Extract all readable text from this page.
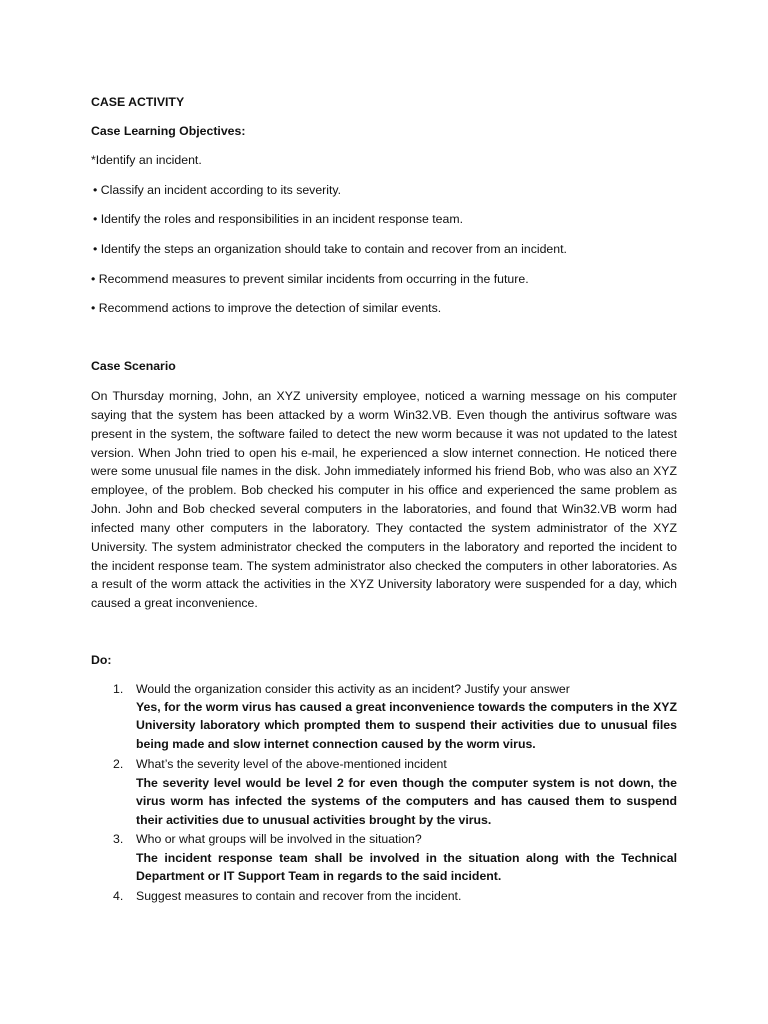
CASE ACTIVITY
Case Learning Objectives:
*Identify an incident.
• Classify an incident according to its severity.
• Identify the roles and responsibilities in an incident response team.
• Identify the steps an organization should take to contain and recover from an incident.
• Recommend measures to prevent similar incidents from occurring in the future.
• Recommend actions to improve the detection of similar events.
Case Scenario
On Thursday morning, John, an XYZ university employee, noticed a warning message on his computer saying that the system has been attacked by a worm Win32.VB. Even though the antivirus software was present in the system, the software failed to detect the new worm because it was not updated to the latest version. When John tried to open his e-mail, he experienced a slow internet connection. He noticed there were some unusual file names in the disk. John immediately informed his friend Bob, who was also an XYZ employee, of the problem. Bob checked his computer in his office and experienced the same problem as John. John and Bob checked several computers in the laboratories, and found that Win32.VB worm had infected many other computers in the laboratory. They contacted the system administrator of the XYZ University. The system administrator checked the computers in the laboratory and reported the incident to the incident response team. The system administrator also checked the computers in other laboratories. As a result of the worm attack the activities in the XYZ University laboratory were suspended for a day, which caused a great inconvenience.
Do:
1. Would the organization consider this activity as an incident? Justify your answer
Yes, for the worm virus has caused a great inconvenience towards the computers in the XYZ University laboratory which prompted them to suspend their activities due to unusual files being made and slow internet connection caused by the worm virus.
2. What’s the severity level of the above-mentioned incident
The severity level would be level 2 for even though the computer system is not down, the virus worm has infected the systems of the computers and has caused them to suspend their activities due to unusual activities brought by the virus.
3. Who or what groups will be involved in the situation?
The incident response team shall be involved in the situation along with the Technical Department or IT Support Team in regards to the said incident.
4. Suggest measures to contain and recover from the incident.
